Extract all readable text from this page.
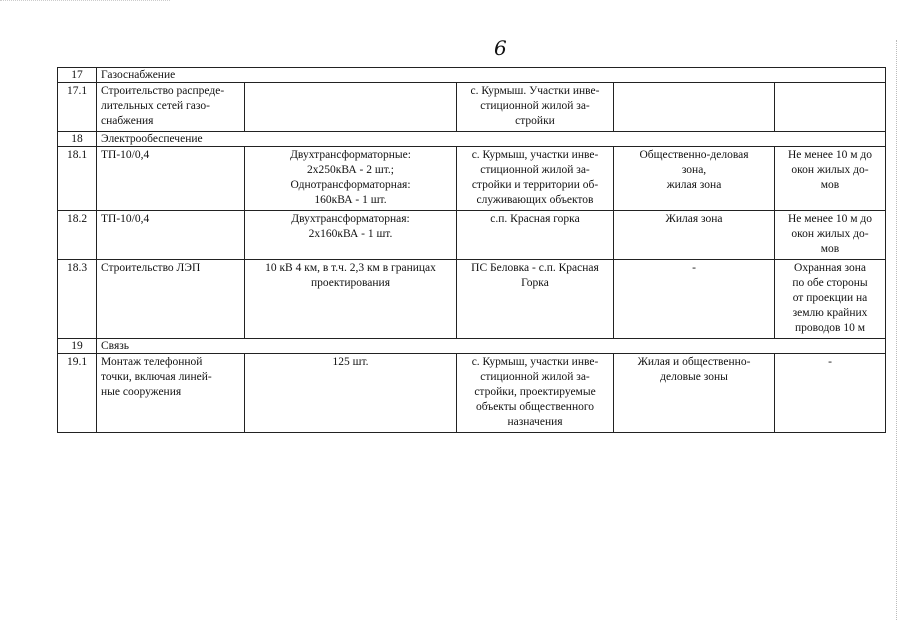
6
17	Газоснабжение				
17.1	Строительство распреде-
лительных сетей газо-
снабжения		с. Курмыш. Участки инве-
стиционной жилой за-
стройки		
18	Электрообеспечение				
18.1	ТП-10/0,4	Двухтрансформаторные:
2х250кВА - 2 шт.;
Однотрансформаторная:
160кВА - 1 шт.	с. Курмыш, участки инве-
стиционной жилой за-
стройки и территории об-
служивающих объектов	Общественно-деловая
зона,
жилая зона	Не менее 10 м до
окон жилых до-
мов
18.2	ТП-10/0,4	Двухтрансформаторная:
2х160кВА - 1 шт.	с.п. Красная горка	Жилая зона	Не менее 10 м до
окон жилых до-
мов
18.3	Строительство ЛЭП	10 кВ 4 км, в т.ч. 2,3 км в границах
проектирования	ПС Беловка - с.п. Красная
Горка	-	Охранная зона
по обе стороны
от проекции на
землю крайних
проводов 10 м
19	Связь				
19.1	Монтаж телефонной
точки, включая линей-
ные сооружения	125 шт.	с. Курмыш, участки инве-
стиционной жилой за-
стройки, проектируемые
объекты общественного
назначения	Жилая и общественно-
деловые зоны	-
